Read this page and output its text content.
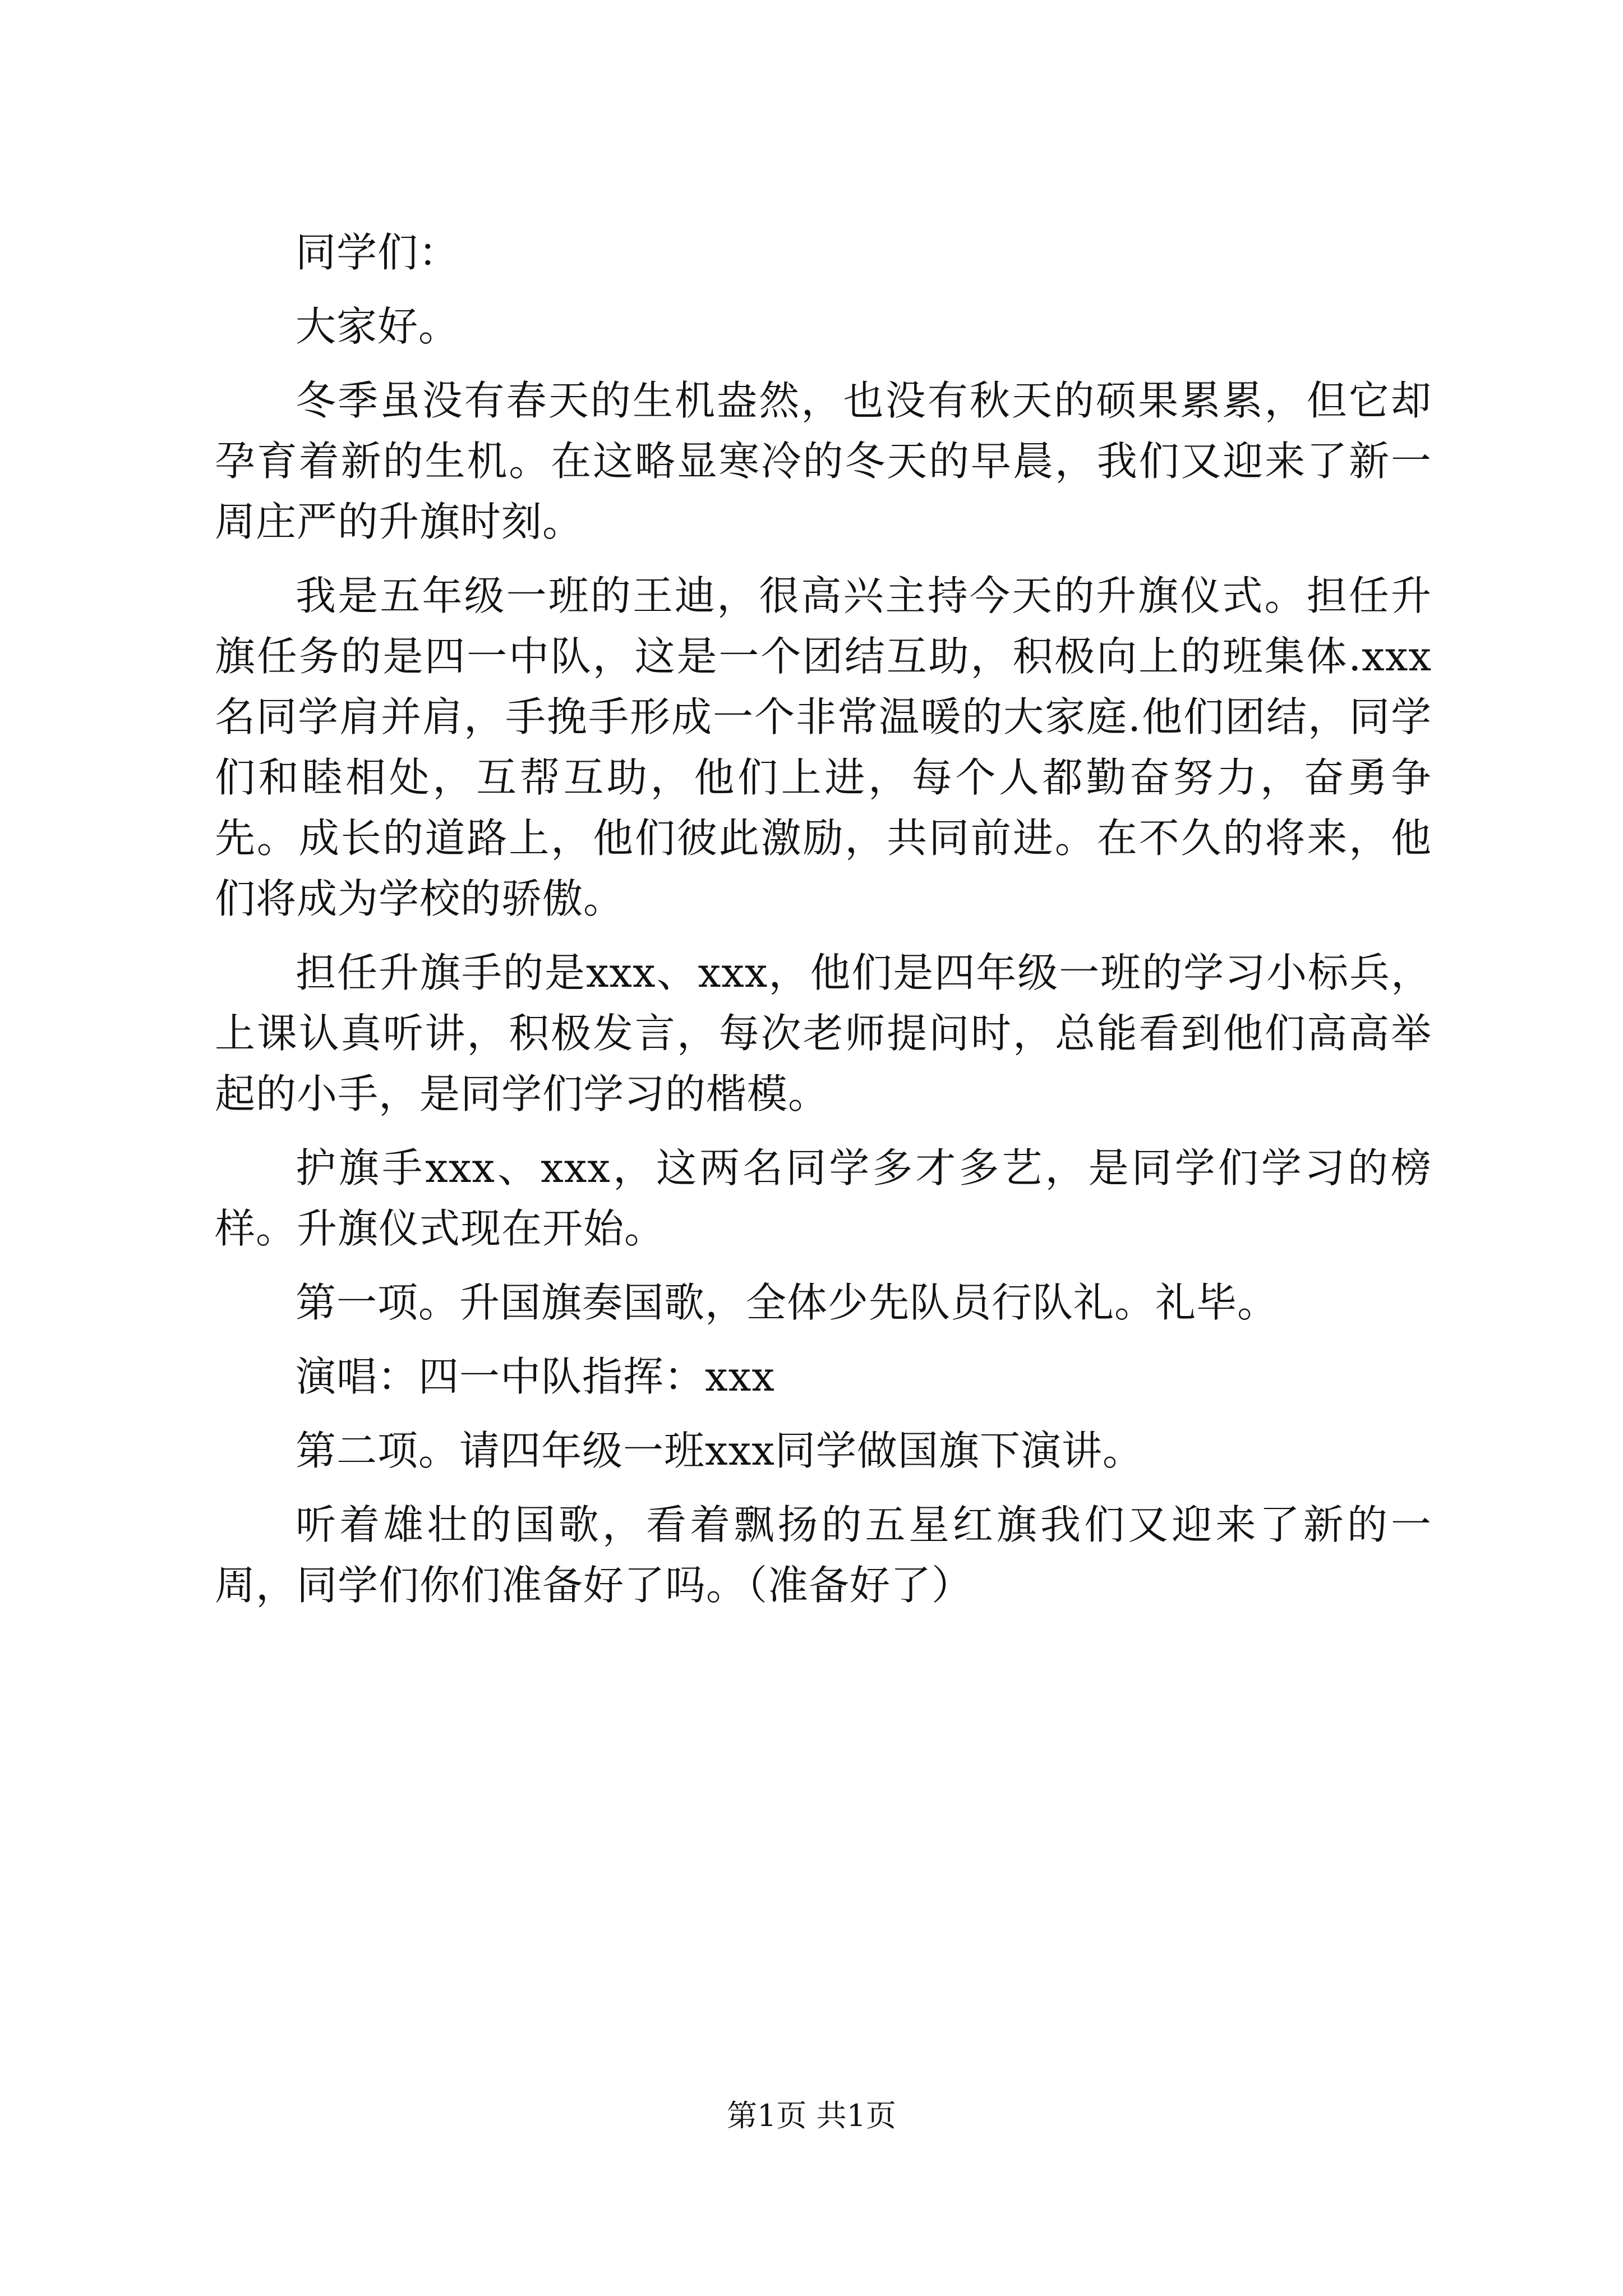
同学们：

大家好。

冬季虽没有春天的生机盎然，也没有秋天的硕果累累，但它却孕育着新的生机。在这略显寒冷的冬天的早晨，我们又迎来了新一周庄严的升旗时刻。

我是五年级一班的王迪，很高兴主持今天的升旗仪式。担任升旗任务的是四一中队，这是一个团结互助，积极向上的班集体.xxx名同学肩并肩，手挽手形成一个非常温暖的大家庭.他们团结，同学们和睦相处，互帮互助，他们上进，每个人都勤奋努力，奋勇争先。成长的道路上，他们彼此激励，共同前进。在不久的将来，他们将成为学校的骄傲。

担任升旗手的是xxx、xxx，他们是四年级一班的学习小标兵，上课认真听讲，积极发言，每次老师提问时，总能看到他们高高举起的小手，是同学们学习的楷模。

护旗手xxx、xxx，这两名同学多才多艺，是同学们学习的榜样。升旗仪式现在开始。

第一项。升国旗奏国歌，全体少先队员行队礼。礼毕。

演唱：四一中队指挥：xxx

第二项。请四年级一班xxx同学做国旗下演讲。

听着雄壮的国歌，看着飘扬的五星红旗我们又迎来了新的一周，同学们你们准备好了吗。（准备好了）

第1页 共1页
